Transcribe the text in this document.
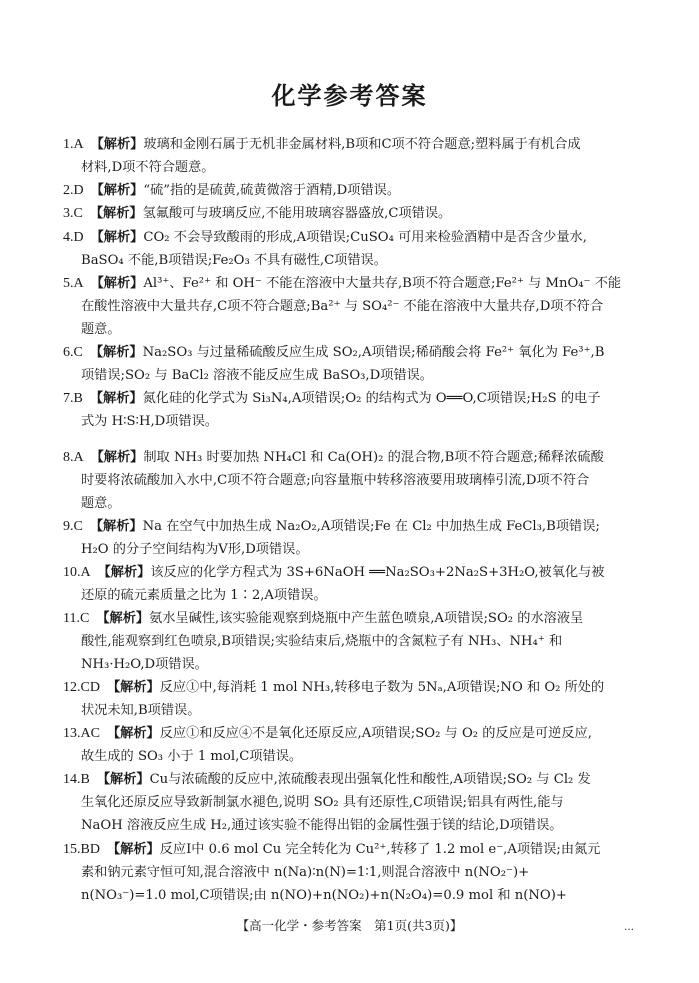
化学参考答案
1.A 【解析】玻璃和金刚石属于无机非金属材料,B项和C项不符合题意;塑料属于有机合成
材料,D项不符合题意。
2.D 【解析】“硫”指的是硫黄,硫黄微溶于酒精,D项错误。
3.C 【解析】氢氟酸可与玻璃反应,不能用玻璃容器盛放,C项错误。
4.D 【解析】CO₂ 不会导致酸雨的形成,A项错误;CuSO₄ 可用来检验酒精中是否含少量水,
BaSO₄ 不能,B项错误;Fe₂O₃ 不具有磁性,C项错误。
5.A 【解析】Al³⁺、Fe²⁺ 和 OH⁻ 不能在溶液中大量共存,B项不符合题意;Fe²⁺ 与 MnO₄⁻ 不能
在酸性溶液中大量共存,C项不符合题意;Ba²⁺ 与 SO₄²⁻ 不能在溶液中大量共存,D项不符合
题意。
6.C 【解析】Na₂SO₃ 与过量稀硫酸反应生成 SO₂,A项错误;稀硝酸会将 Fe²⁺ 氧化为 Fe³⁺,B
项错误;SO₂ 与 BaCl₂ 溶液不能反应生成 BaSO₃,D项错误。
7.B 【解析】氮化硅的化学式为 Si₃N₄,A项错误;O₂ 的结构式为 O══O,C项错误;H₂S 的电子
式为 H∶S∶H,D项错误。
8.A 【解析】制取 NH₃ 时要加热 NH₄Cl 和 Ca(OH)₂ 的混合物,B项不符合题意;稀释浓硫酸
时要将浓硫酸加入水中,C项不符合题意;向容量瓶中转移溶液要用玻璃棒引流,D项不符合
题意。
9.C 【解析】Na 在空气中加热生成 Na₂O₂,A项错误;Fe 在 Cl₂ 中加热生成 FeCl₃,B项错误;
H₂O 的分子空间结构为V形,D项错误。
10.A 【解析】该反应的化学方程式为 3S+6NaOH ══Na₂SO₃+2Na₂S+3H₂O,被氧化与被
还原的硫元素质量之比为 1∶2,A项错误。
11.C 【解析】氨水呈碱性,该实验能观察到烧瓶中产生蓝色喷泉,A项错误;SO₂ 的水溶液呈
酸性,能观察到红色喷泉,B项错误;实验结束后,烧瓶中的含氮粒子有 NH₃、NH₄⁺ 和
NH₃·H₂O,D项错误。
12.CD 【解析】反应①中,每消耗 1 mol NH₃,转移电子数为 5Nₐ,A项错误;NO 和 O₂ 所处的
状况未知,B项错误。
13.AC 【解析】反应①和反应④不是氧化还原反应,A项错误;SO₂ 与 O₂ 的反应是可逆反应,
故生成的 SO₃ 小于 1 mol,C项错误。
14.B 【解析】Cu与浓硫酸的反应中,浓硫酸表现出强氧化性和酸性,A项错误;SO₂ 与 Cl₂ 发
生氧化还原反应导致新制氯水褪色,说明 SO₂ 具有还原性,C项错误;铝具有两性,能与
NaOH 溶液反应生成 H₂,通过该实验不能得出铝的金属性强于镁的结论,D项错误。
15.BD 【解析】反应Ⅰ中 0.6 mol Cu 完全转化为 Cu²⁺,转移了 1.2 mol e⁻,A项错误;由氮元
素和钠元素守恒可知,混合溶液中 n(Na)∶n(N)=1∶1,则混合溶液中 n(NO₂⁻)+
n(NO₃⁻)=1.0 mol,C项错误;由 n(NO)+n(NO₂)+n(N₂O₄)=0.9 mol 和 n(NO)+
【高一化学・参考答案　第1页(共3页)】	…
